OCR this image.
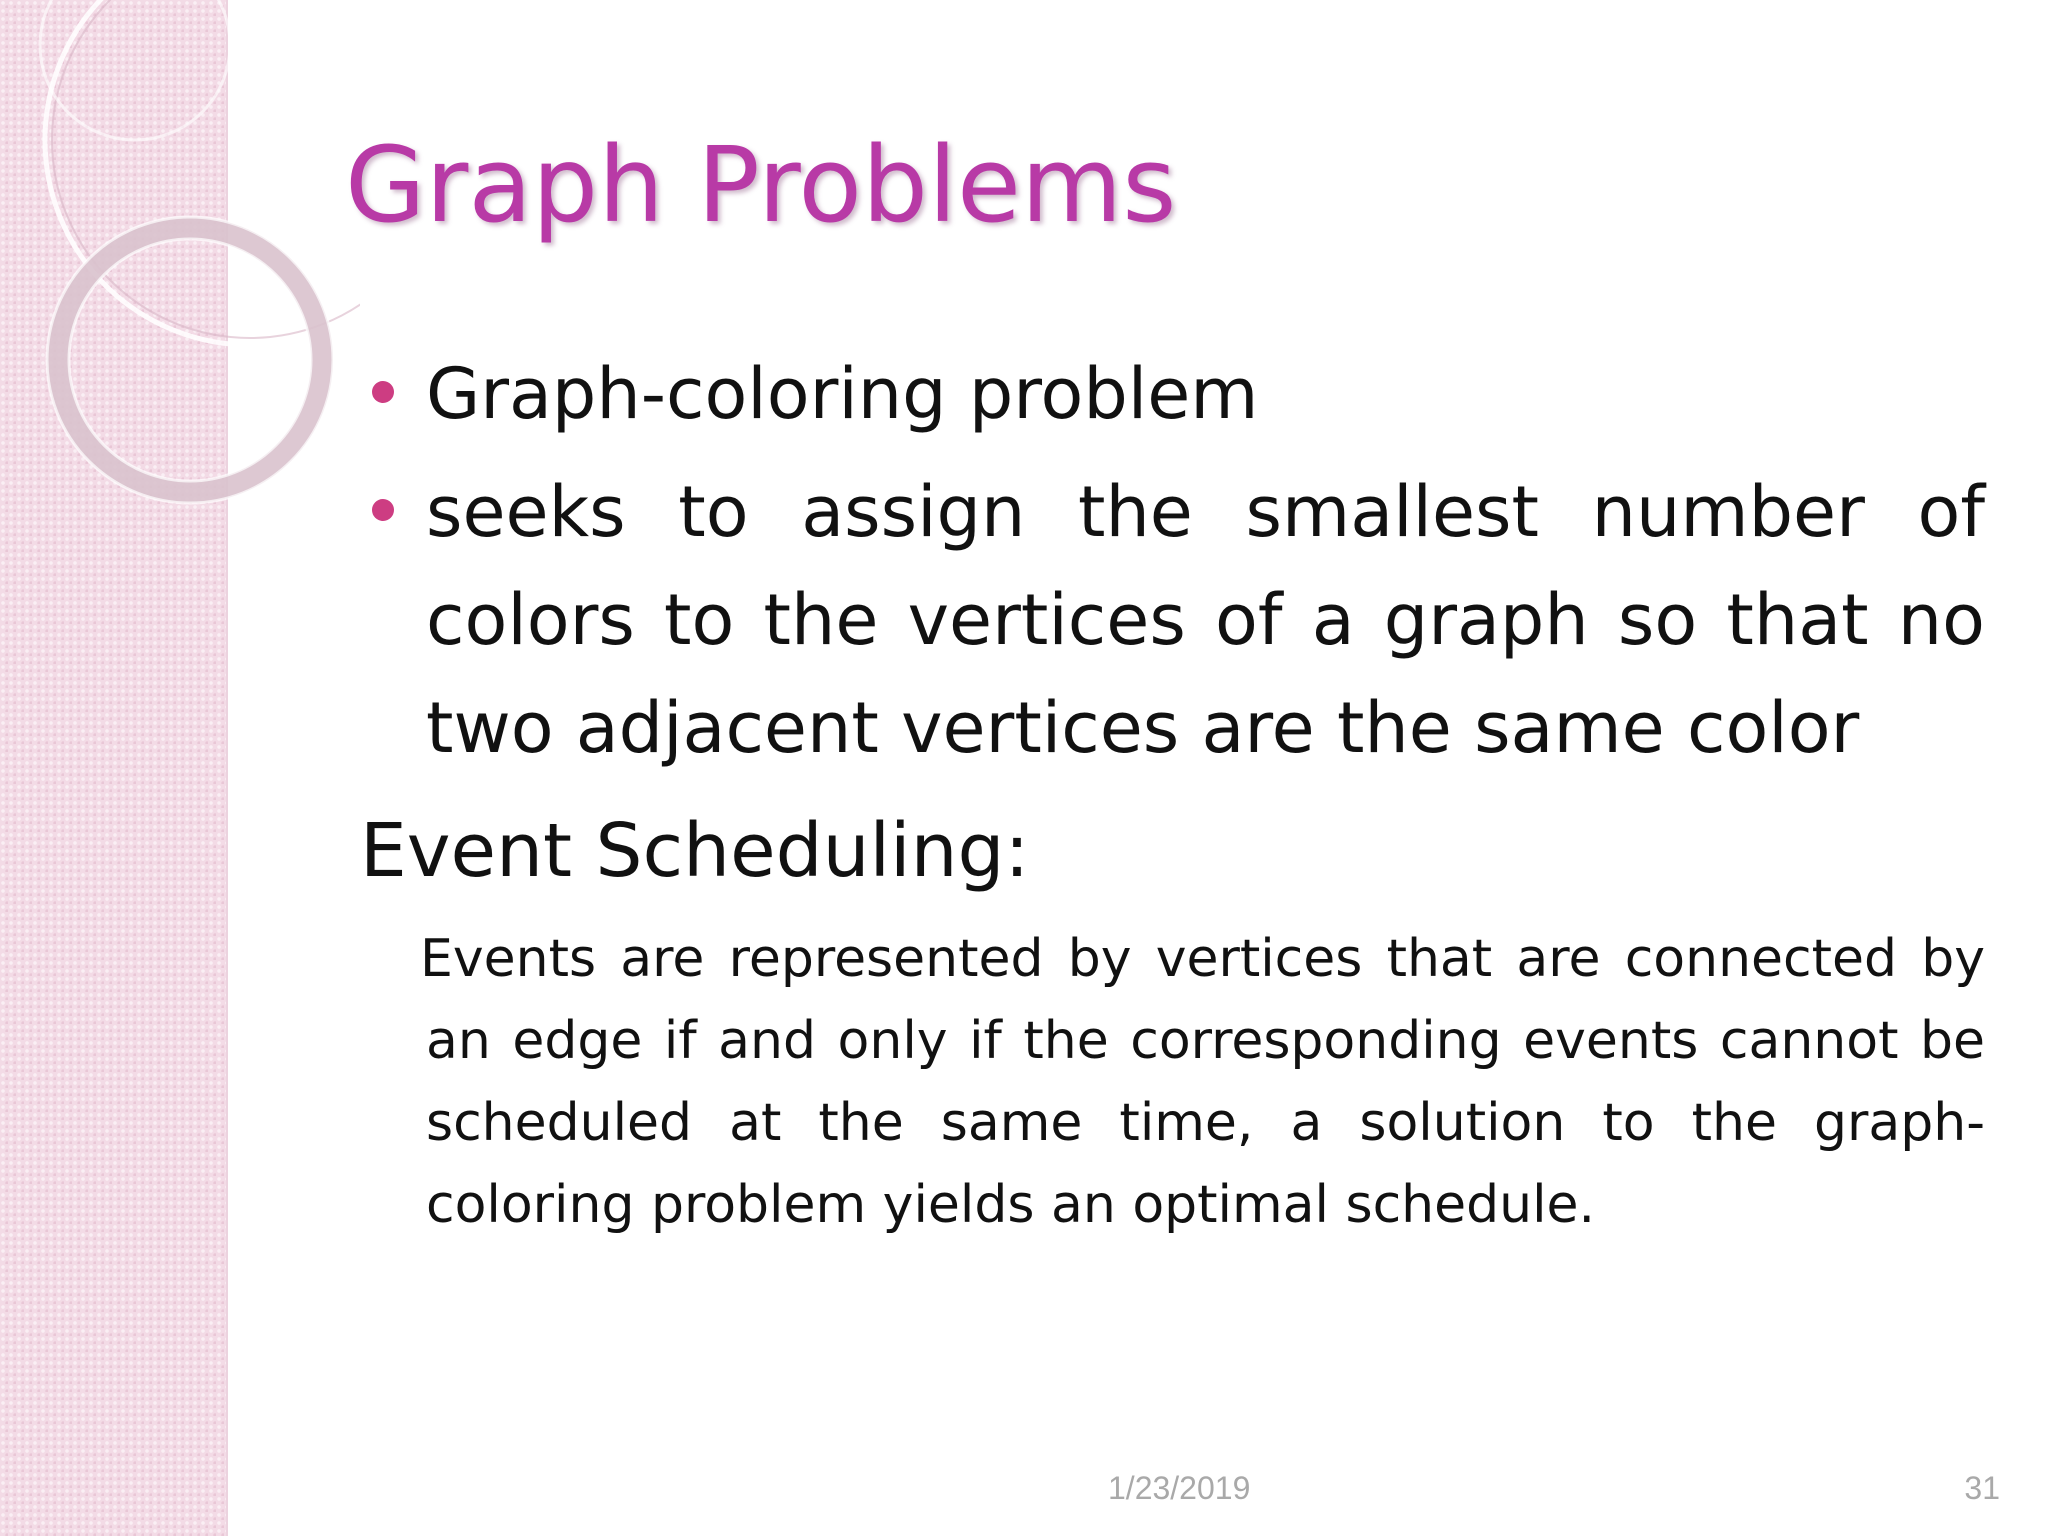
Graph Problems
Graph-coloring problem
seeks to assign the smallest number of colors to the vertices of a graph so that no two adjacent vertices are the same color
Event Scheduling:

Events are represented by vertices that are connected by an edge if and only if the corresponding events cannot be scheduled at the same time, a solution to the graph-coloring problem yields an optimal schedule.

1/23/2019	31
